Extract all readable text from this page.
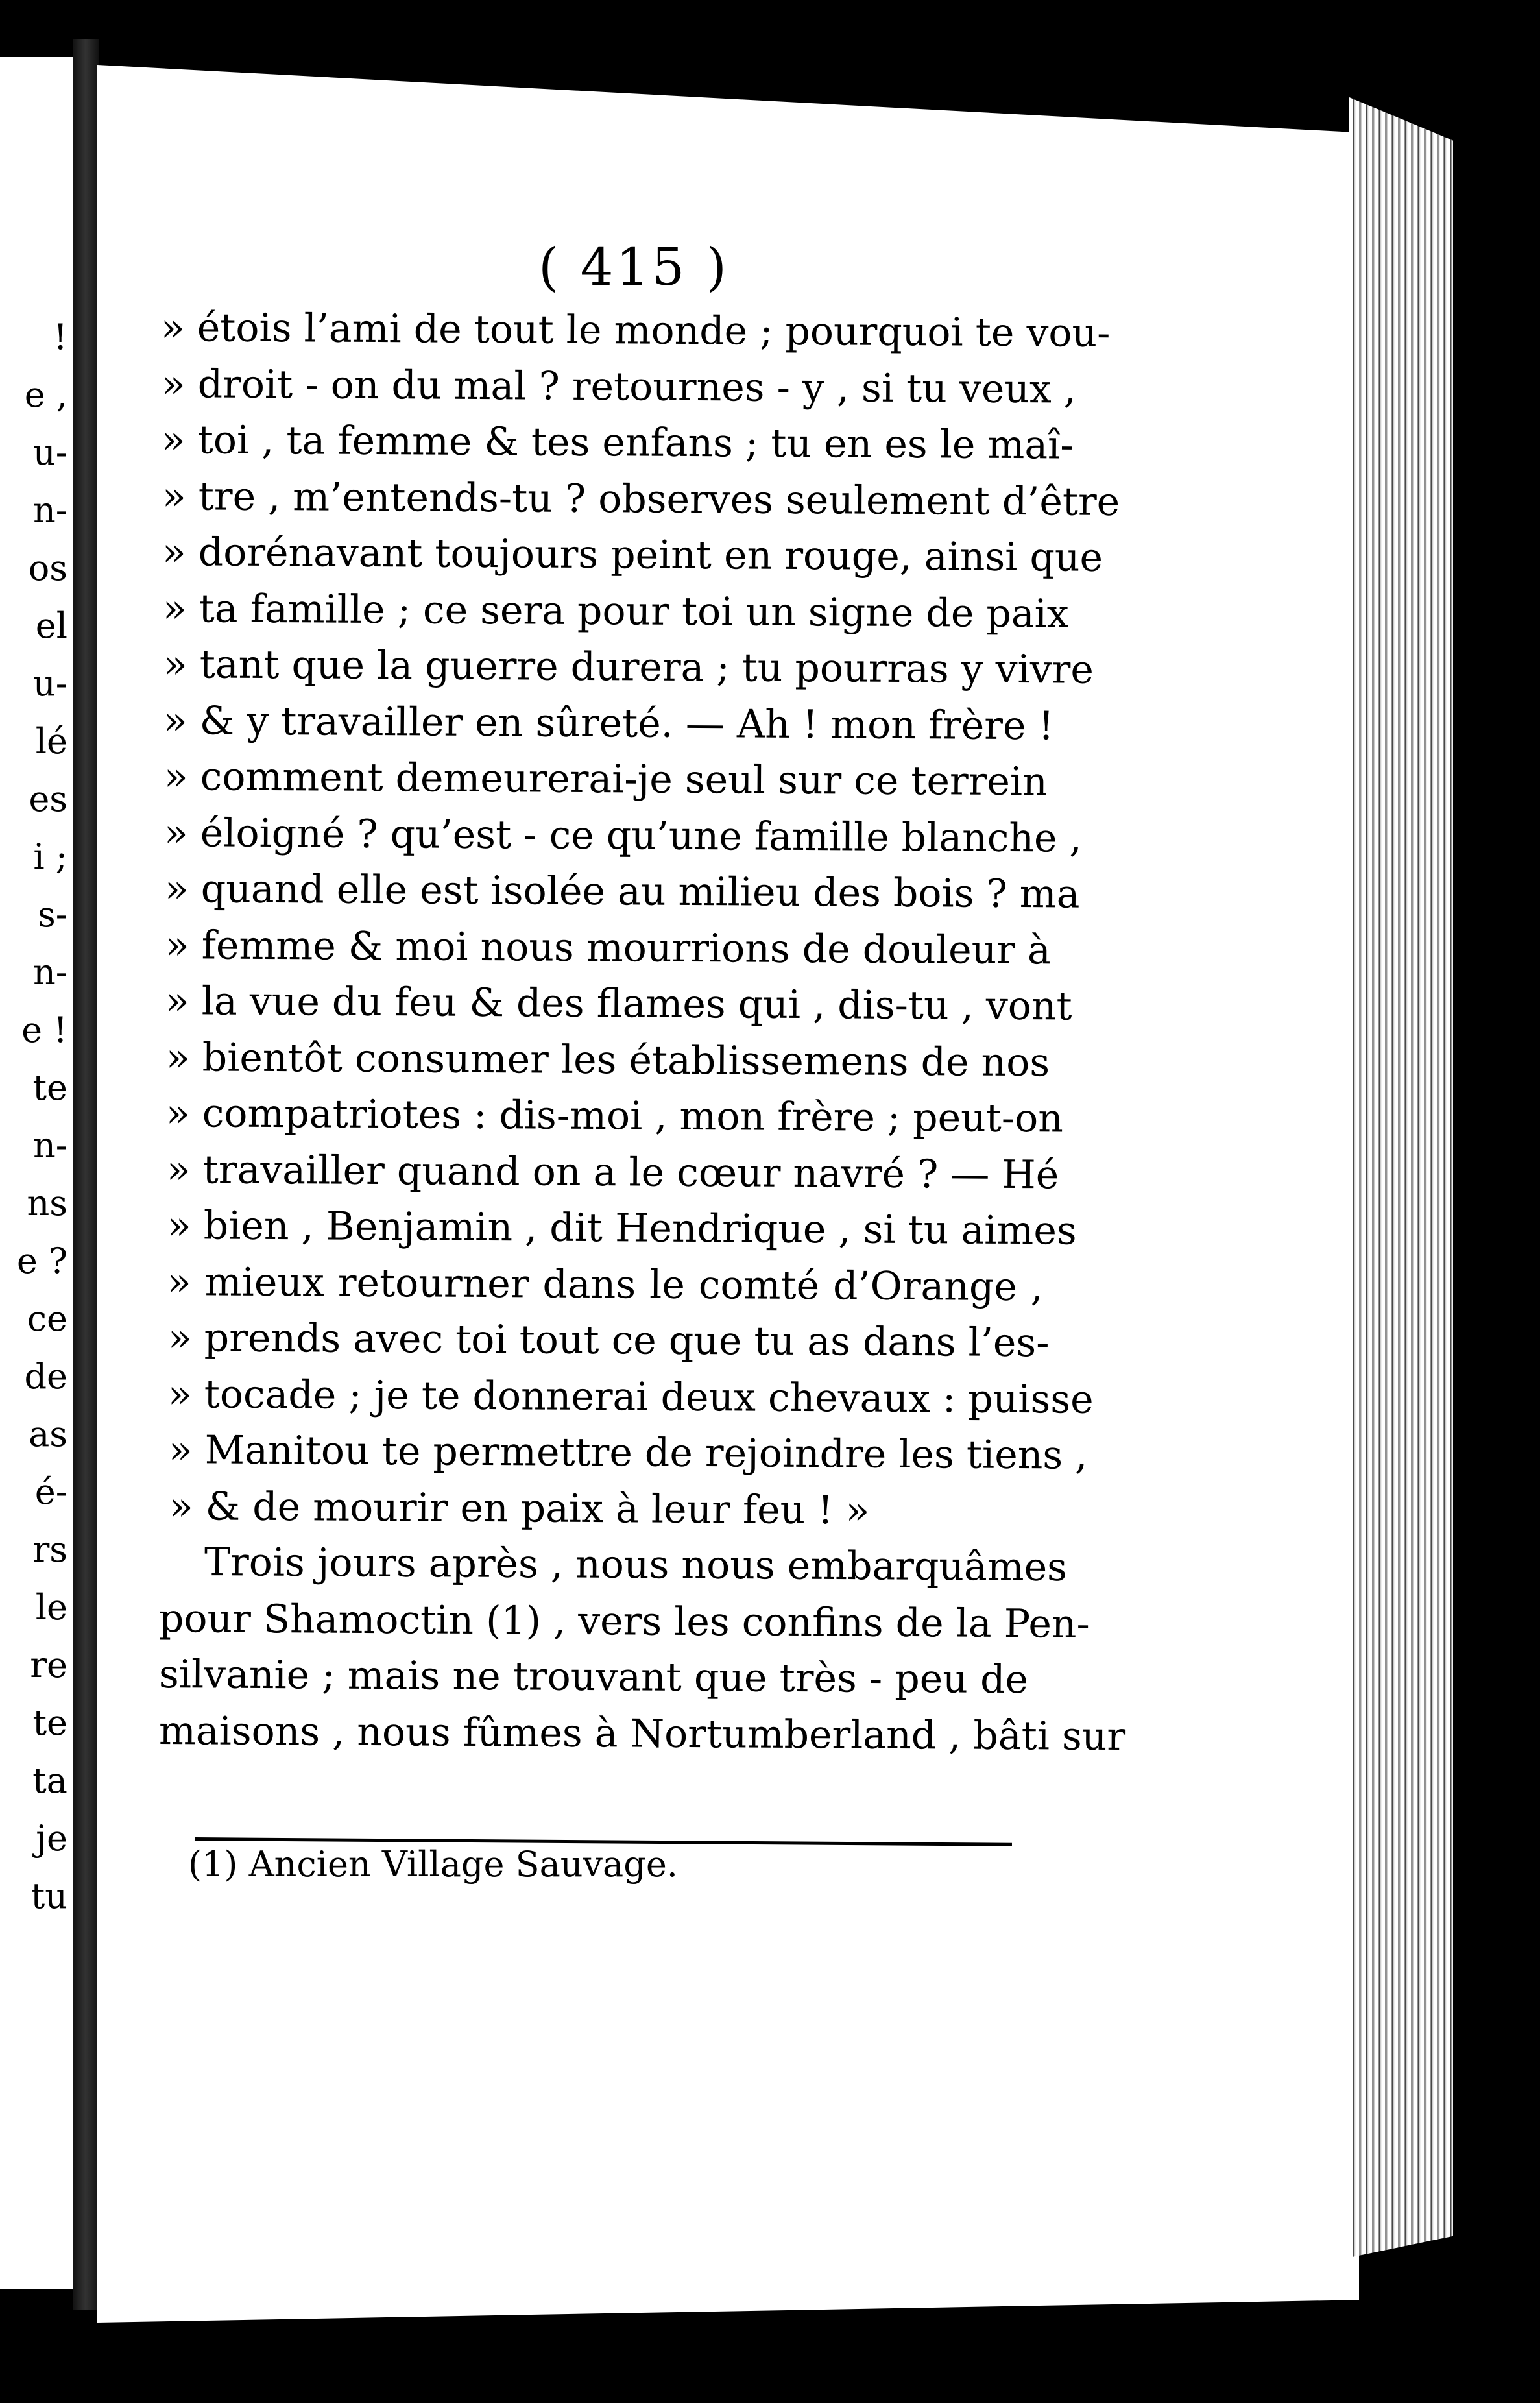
!
e ,
u-
n-
os
el
u-
lé
es
i ;
s-
n-
e !
te
n-
ns
e ?
ce
de
as
é-
rs
le
re
te
ta
je
tu
( 415 )
» étois l’ami de tout le monde ; pourquoi te vou-
» droit - on du mal ? retournes - y , si tu veux ,
» toi , ta femme & tes enfans ; tu en es le maî-
» tre , m’entends-tu ? observes seulement d’être
» dorénavant toujours peint en rouge, ainsi que
» ta famille ; ce sera pour toi un signe de paix
» tant que la guerre durera ; tu pourras y vivre
» & y travailler en sûreté. — Ah ! mon frère !
» comment demeurerai-je seul sur ce terrein
» éloigné ? qu’est - ce qu’une famille blanche ,
» quand elle est isolée au milieu des bois ? ma
» femme & moi nous mourrions de douleur à
» la vue du feu & des flames qui , dis-tu , vont
» bientôt consumer les établissemens de nos
» compatriotes : dis-moi , mon frère ; peut-on
» travailler quand on a le cœur navré ? — Hé
» bien , Benjamin , dit Hendrique , si tu aimes
» mieux retourner dans le comté d’Orange ,
» prends avec toi tout ce que tu as dans l’es-
» tocade ; je te donnerai deux chevaux : puisse
» Manitou te permettre de rejoindre les tiens ,
» & de mourir en paix à leur feu ! »
Trois jours après , nous nous embarquâmes
pour Shamoctin (1) , vers les confins de la Pen-
silvanie ; mais ne trouvant que très - peu de
maisons , nous fûmes à Nortumberland , bâti sur
(1) Ancien Village Sauvage.
